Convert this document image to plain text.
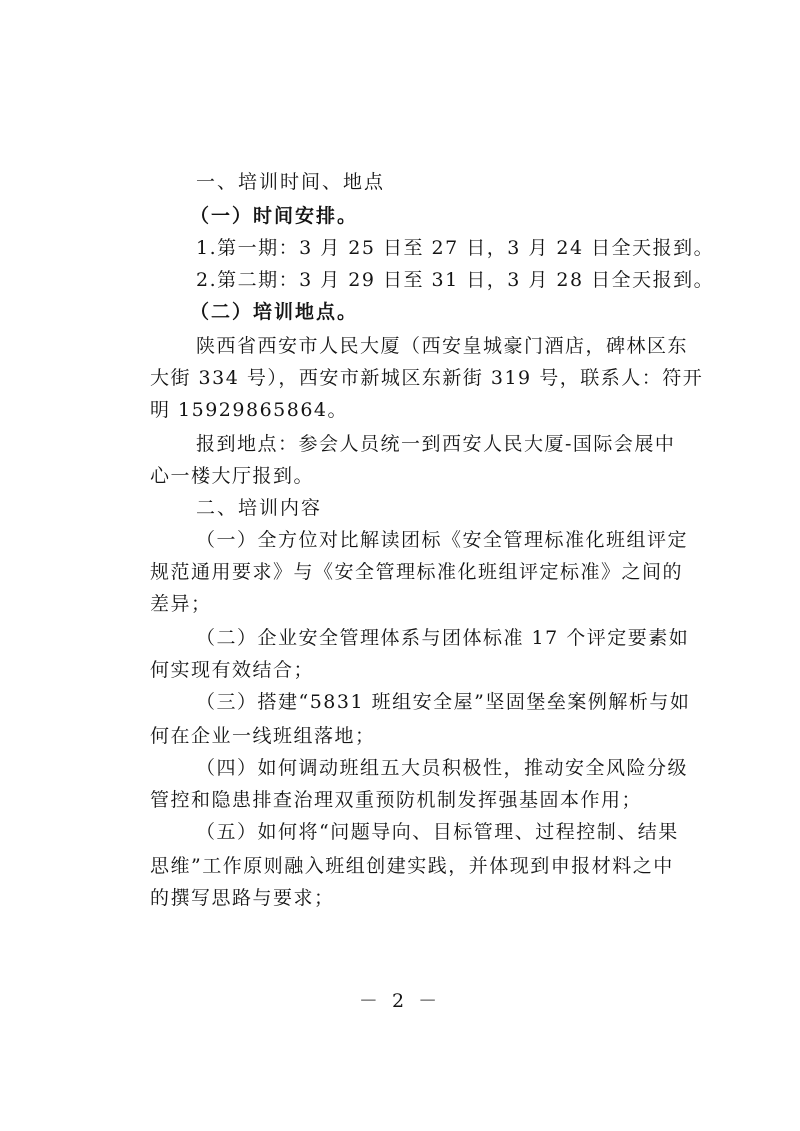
一、培训时间、地点
（一）时间安排。
1.第一期：3 月 25 日至 27 日，3 月 24 日全天报到。
2.第二期：3 月 29 日至 31 日，3 月 28 日全天报到。
（二）培训地点。
陕西省西安市人民大厦（西安皇城豪门酒店，碑林区东
大街 334 号），西安市新城区东新街 319 号，联系人：符开
明 15929865864。
报到地点：参会人员统一到西安人民大厦-国际会展中
心一楼大厅报到。
二、培训内容
（一）全方位对比解读团标《安全管理标准化班组评定
规范通用要求》与《安全管理标准化班组评定标准》之间的
差异；
（二）企业安全管理体系与团体标准 17 个评定要素如
何实现有效结合；
（三）搭建“5831 班组安全屋”坚固堡垒案例解析与如
何在企业一线班组落地；
（四）如何调动班组五大员积极性，推动安全风险分级
管控和隐患排查治理双重预防机制发挥强基固本作用；
（五）如何将“问题导向、目标管理、过程控制、结果
思维”工作原则融入班组创建实践，并体现到申报材料之中
的撰写思路与要求；
－ 2 －
